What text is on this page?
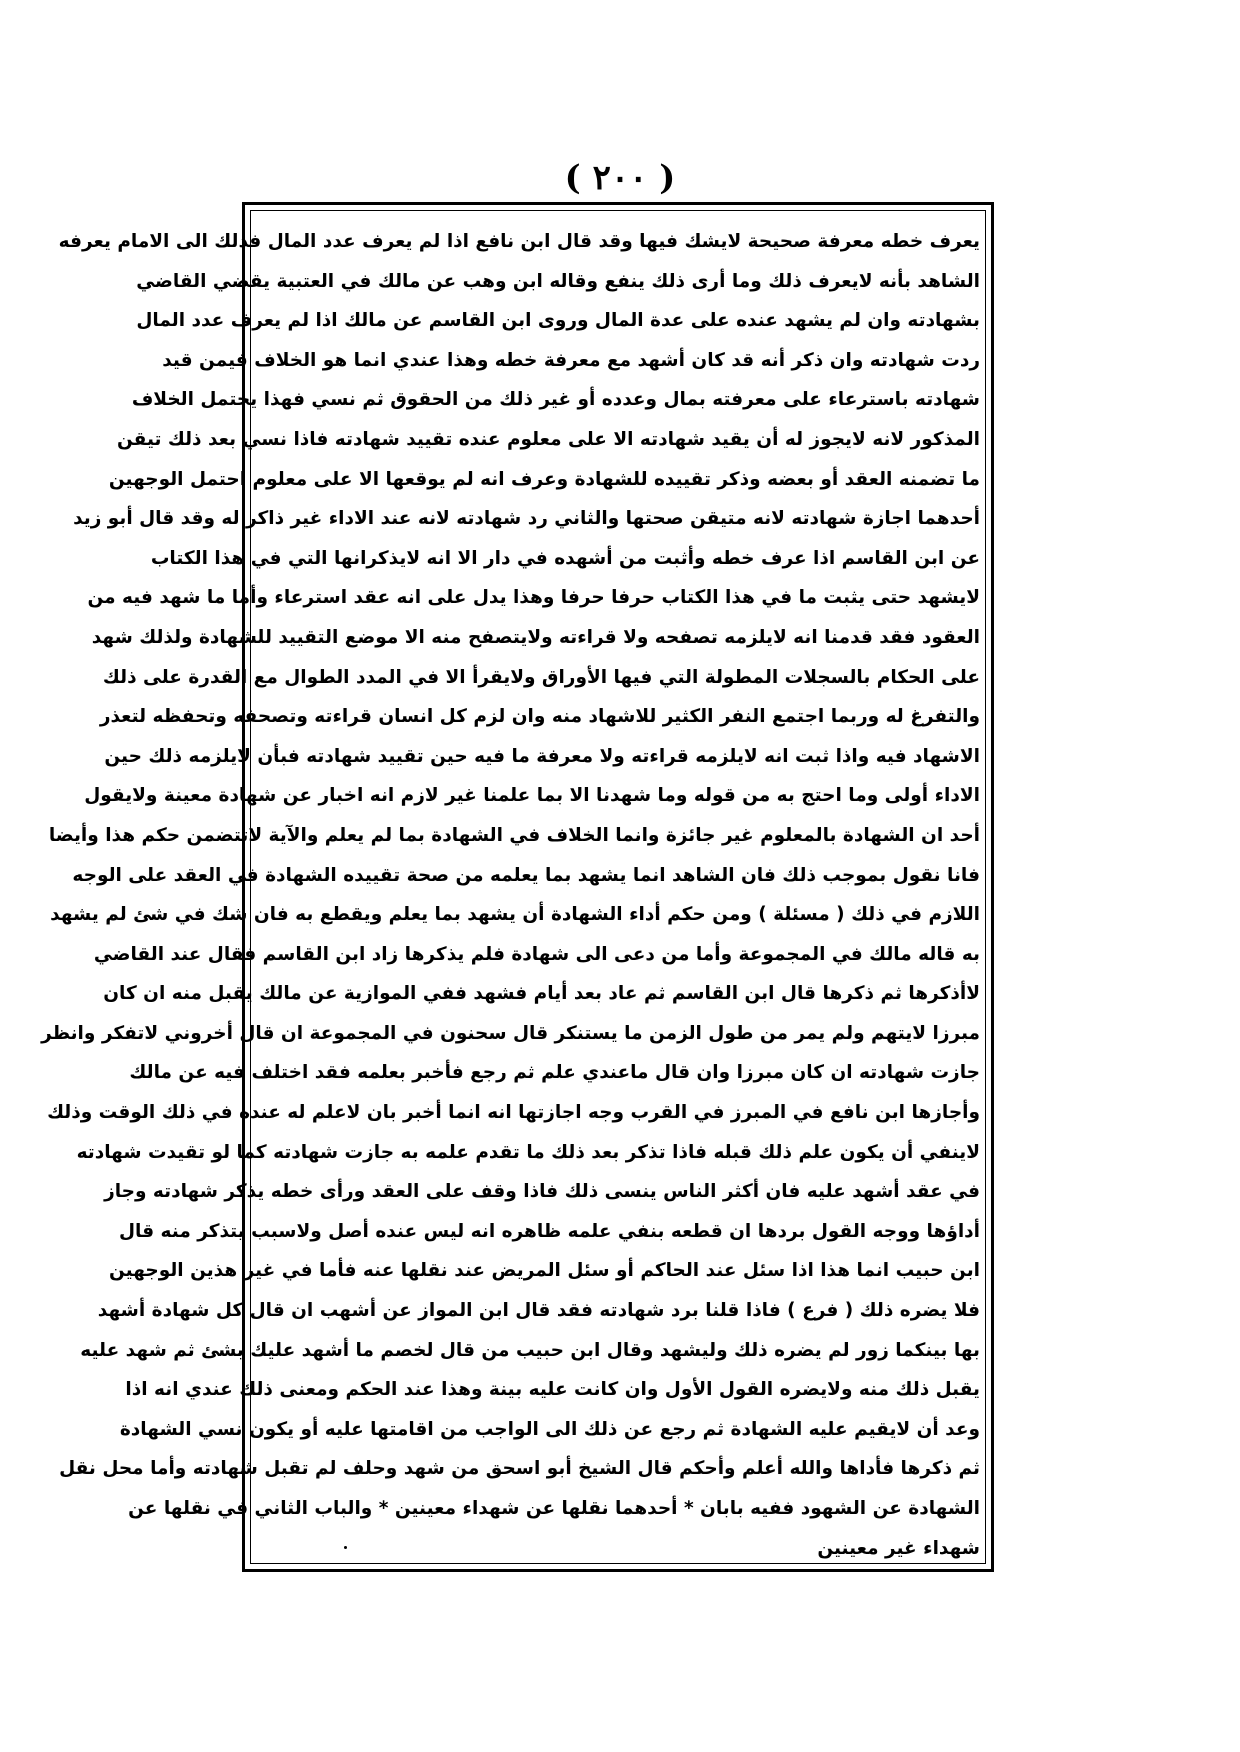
( ٢٠٠ )
يعرف خطه معرفة صحيحة لايشك فيها وقد قال ابن نافع اذا لم يعرف عدد المال فذلك الى الامام يعرفه
الشاهد بأنه لايعرف ذلك وما أرى ذلك ينفع وقاله ابن وهب عن مالك في العتبية يقضي القاضي
بشهادته وان لم يشهد عنده على عدة المال وروى ابن القاسم عن مالك اذا لم يعرف عدد المال
ردت شهادته وان ذكر أنه قد كان أشهد مع معرفة خطه وهذا عندي انما هو الخلاف فيمن قيد
شهادته باسترعاء على معرفته بمال وعدده أو غير ذلك من الحقوق ثم نسي فهذا يحتمل الخلاف
المذكور لانه لايجوز له أن يقيد شهادته الا على معلوم عنده تقييد شهادته فاذا نسي بعد ذلك تيقن
ما تضمنه العقد أو بعضه وذكر تقييده للشهادة وعرف انه لم يوقعها الا على معلوم احتمل الوجهين
أحدهما اجازة شهادته لانه متيقن صحتها والثاني رد شهادته لانه عند الاداء غير ذاكر له وقد قال أبو زيد
عن ابن القاسم اذا عرف خطه وأثبت من أشهده في دار الا انه لايذكرانها التي في هذا الكتاب
لايشهد حتى يثبت ما في هذا الكتاب حرفا حرفا وهذا يدل على انه عقد استرعاء وأما ما شهد فيه من
العقود فقد قدمنا انه لايلزمه تصفحه ولا قراءته ولايتصفح منه الا موضع التقييد للشهادة ولذلك شهد
على الحكام بالسجلات المطولة التي فيها الأوراق ولايقرأ الا في المدد الطوال مع القدرة على ذلك
والتفرغ له وربما اجتمع النفر الكثير للاشهاد منه وان لزم كل انسان قراءته وتصحفه وتحفظه لتعذر
الاشهاد فيه واذا ثبت انه لايلزمه قراءته ولا معرفة ما فيه حين تقييد شهادته فبأن لايلزمه ذلك حين
الاداء أولى وما احتج به من قوله وما شهدنا الا بما علمنا غير لازم انه اخبار عن شهادة معينة ولايقول
أحد ان الشهادة بالمعلوم غير جائزة وانما الخلاف في الشهادة بما لم يعلم والآية لاتتضمن حكم هذا وأيضا
فانا نقول بموجب ذلك فان الشاهد انما يشهد بما يعلمه من صحة تقييده الشهادة في العقد على الوجه
اللازم في ذلك ( مسئلة ) ومن حكم أداء الشهادة أن يشهد بما يعلم ويقطع به فان شك في شئ لم يشهد
به قاله مالك في المجموعة وأما من دعى الى شهادة فلم يذكرها زاد ابن القاسم فقال عند القاضي
لاأذكرها ثم ذكرها قال ابن القاسم ثم عاد بعد أيام فشهد ففي الموازية عن مالك يقبل منه ان كان
مبرزا لايتهم ولم يمر من طول الزمن ما يستنكر قال سحنون في المجموعة ان قال أخروني لاتفكر وانظر
جازت شهادته ان كان مبرزا وان قال ماعندي علم ثم رجع فأخبر بعلمه فقد اختلف فيه عن مالك
وأجازها ابن نافع في المبرز في القرب وجه اجازتها انه انما أخبر بان لاعلم له عنده في ذلك الوقت وذلك
لاينفي أن يكون علم ذلك قبله فاذا تذكر بعد ذلك ما تقدم علمه به جازت شهادته كما لو تقيدت شهادته
في عقد أشهد عليه فان أكثر الناس ينسى ذلك فاذا وقف على العقد ورأى خطه يذكر شهادته وجاز
أداؤها ووجه القول بردها ان قطعه بنفي علمه ظاهره انه ليس عنده أصل ولاسبب يتذكر منه قال
ابن حبيب انما هذا اذا سئل عند الحاكم أو سئل المريض عند نقلها عنه فأما في غير هذين الوجهين
فلا يضره ذلك ( فرع ) فاذا قلنا برد شهادته فقد قال ابن المواز عن أشهب ان قال كل شهادة أشهد
بها بينكما زور لم يضره ذلك وليشهد وقال ابن حبيب من قال لخصم ما أشهد عليك بشئ ثم شهد عليه
يقبل ذلك منه ولايضره القول الأول وان كانت عليه بينة وهذا عند الحكم ومعنى ذلك عندي انه اذا
وعد أن لايقيم عليه الشهادة ثم رجع عن ذلك الى الواجب من اقامتها عليه أو يكون نسي الشهادة
ثم ذكرها فأداها والله أعلم وأحكم قال الشيخ أبو اسحق من شهد وحلف لم تقبل شهادته وأما محل نقل
الشهادة عن الشهود ففيه بابان * أحدهما نقلها عن شهداء معينين * والباب الثاني في نقلها عن
شهداء غير معينين
